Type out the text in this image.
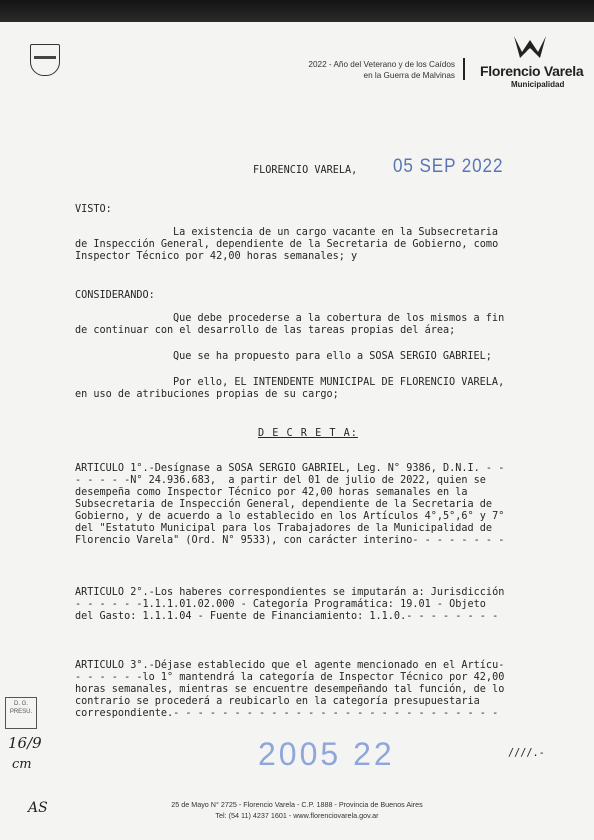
2022 - Año del Veterano y de los Caídos
en la Guerra de Malvinas Florencio Varela
Municipalidad
FLORENCIO VARELA, 05 SEP 2022
VISTO:
La existencia de un cargo vacante en la Subsecretaria
de Inspección General, dependiente de la Secretaria de Gobierno, como
Inspector Técnico por 42,00 horas semanales; y
CONSIDERANDO:
Que debe procederse a la cobertura de los mismos a fin
de continuar con el desarrollo de las tareas propias del área;
Que se ha propuesto para ello a SOSA SERGIO GABRIEL;
Por ello, EL INTENDENTE MUNICIPAL DE FLORENCIO VARELA,
en uso de atribuciones propias de su cargo;
D E C R E T A:
ARTICULO 1°.-Desígnase a SOSA SERGIO GABRIEL, Leg. N° 9386, D.N.I. - -
- - - - -N° 24.936.683,  a partir del 01 de julio de 2022, quien se
desempeña como Inspector Técnico por 42,00 horas semanales en la
Subsecretaria de Inspección General, dependiente de la Secretaria de
Gobierno, y de acuerdo a lo establecido en los Artículos 4°,5°,6° y 7°
del "Estatuto Municipal para los Trabajadores de la Municipalidad de
Florencio Varela" (Ord. N° 9533), con carácter interino- - - - - - - -
ARTICULO 2°.-Los haberes correspondientes se imputarán a: Jurisdicción
- - - - - -1.1.1.01.02.000 - Categoría Programática: 19.01 - Objeto
del Gasto: 1.1.1.04 - Fuente de Financiamiento: 1.1.0.- - - - - - - -
ARTICULO 3°.-Déjase establecido que el agente mencionado en el Artícu-
- - - - - -lo 1° mantendrá la categoría de Inspector Técnico por 42,00
horas semanales, mientras se encuentre desempeñando tal función, de lo
contrario se procederá a reubicarlo en la categoría presupuestaria
correspondiente.- - - - - - - - - - - - - - - - - - - - - - - - - - -
2005 22	////.-
D. G. PRESU.
16/9
cm
AS	25 de Mayo N° 2725 - Florencio Varela - C.P. 1888 - Provincia de Buenos Aires
Tel: (54 11) 4237 1601 - www.florenciovarela.gov.ar
